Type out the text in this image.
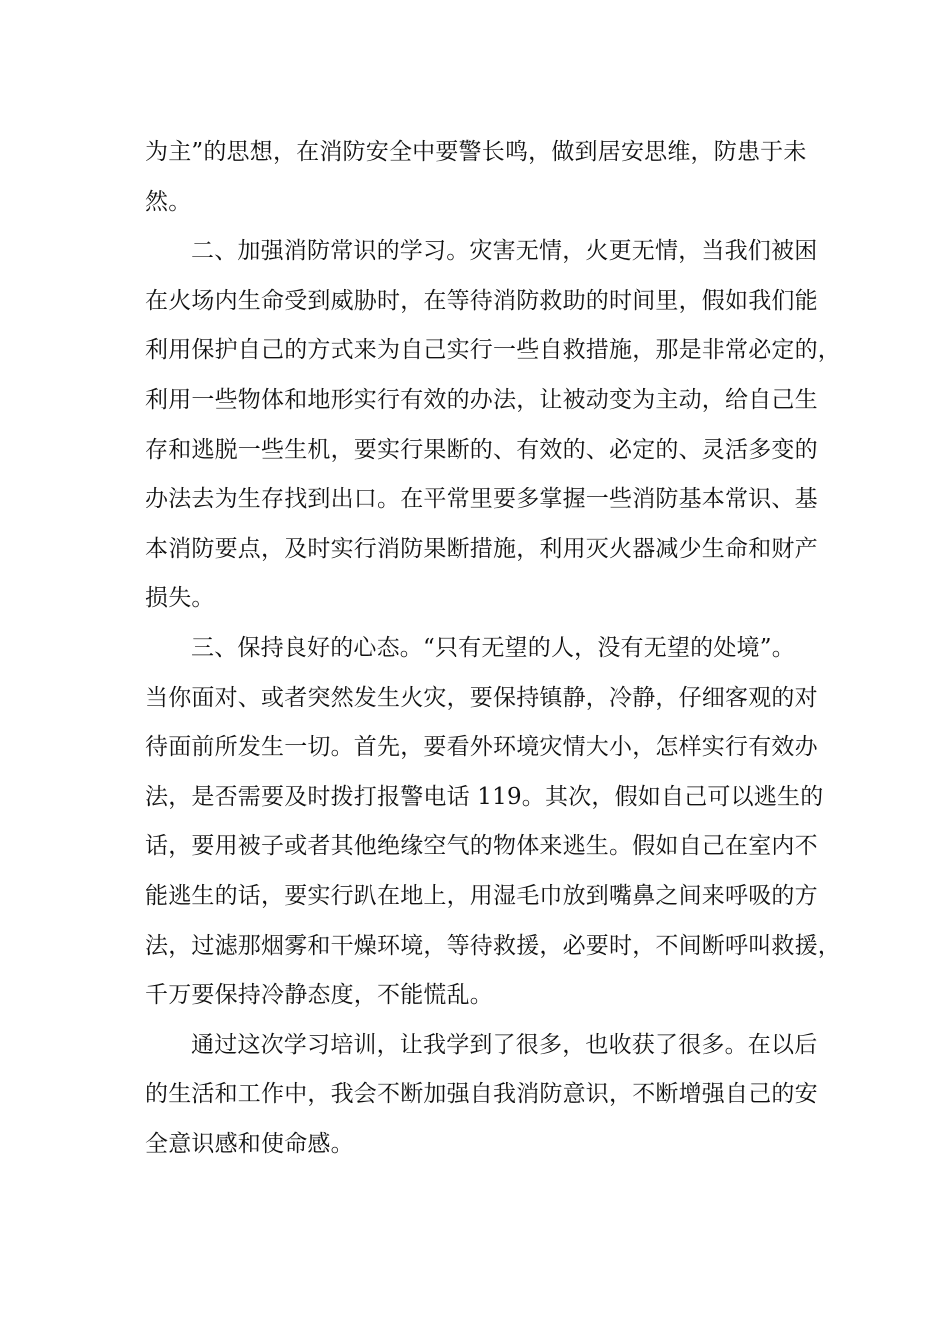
为主”的思想，在消防安全中要警长鸣，做到居安思维，防患于未
然。
二、加强消防常识的学习。灾害无情，火更无情，当我们被困
在火场内生命受到威胁时，在等待消防救助的时间里，假如我们能
利用保护自己的方式来为自己实行一些自救措施，那是非常必定的，
利用一些物体和地形实行有效的办法，让被动变为主动，给自己生
存和逃脱一些生机，要实行果断的、有效的、必定的、灵活多变的
办法去为生存找到出口。在平常里要多掌握一些消防基本常识、基
本消防要点，及时实行消防果断措施，利用灭火器减少生命和财产
损失。
三、保持良好的心态。“只有无望的人，没有无望的处境”。
当你面对、或者突然发生火灾，要保持镇静，冷静，仔细客观的对
待面前所发生一切。首先，要看外环境灾情大小，怎样实行有效办
法，是否需要及时拨打报警电话 119。其次，假如自己可以逃生的
话，要用被子或者其他绝缘空气的物体来逃生。假如自己在室内不
能逃生的话，要实行趴在地上，用湿毛巾放到嘴鼻之间来呼吸的方
法，过滤那烟雾和干燥环境，等待救援，必要时，不间断呼叫救援，
千万要保持冷静态度，不能慌乱。
通过这次学习培训，让我学到了很多，也收获了很多。在以后
的生活和工作中，我会不断加强自我消防意识，不断增强自己的安
全意识感和使命感。
